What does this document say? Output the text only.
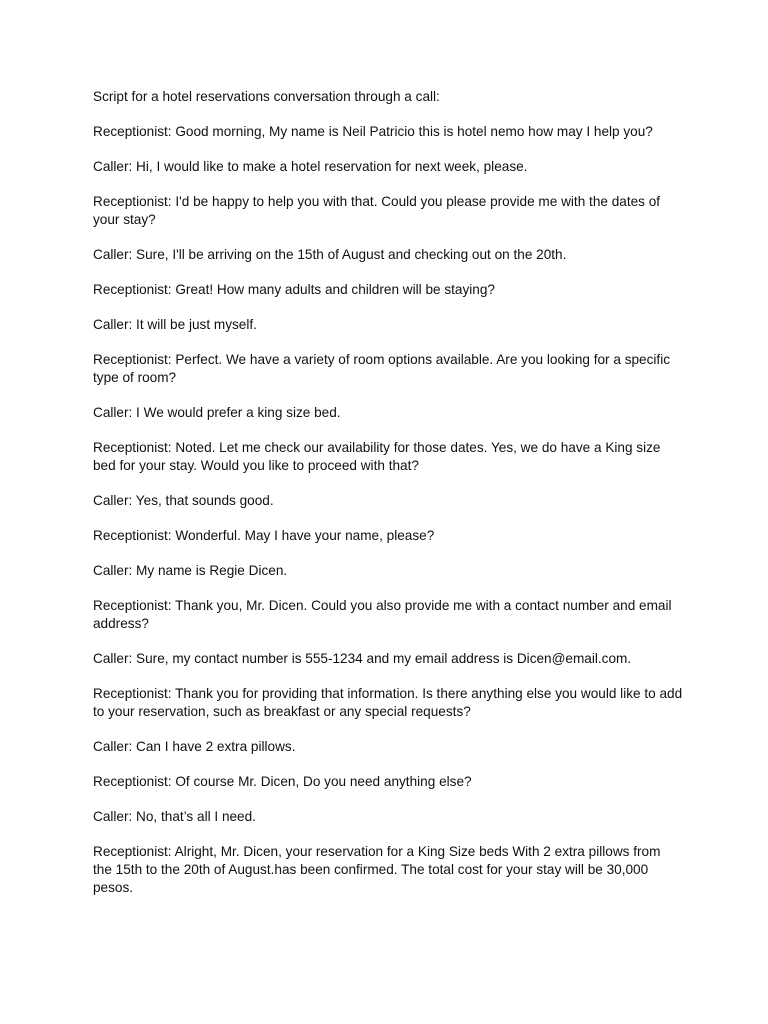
Script for a hotel reservations conversation through a call:

Receptionist: Good morning, My name is Neil Patricio this is hotel nemo how may I help you?

Caller: Hi, I would like to make a hotel reservation for next week, please.

Receptionist: I'd be happy to help you with that. Could you please provide me with the dates of your stay?

Caller: Sure, I'll be arriving on the 15th of August and checking out on the 20th.

Receptionist: Great! How many adults and children will be staying?

Caller: It will be just myself.

Receptionist: Perfect. We have a variety of room options available. Are you looking for a specific type of room?

Caller: I We would prefer a king size bed.

Receptionist: Noted. Let me check our availability for those dates. Yes, we do have a King size bed for your stay. Would you like to proceed with that?

Caller: Yes, that sounds good.

Receptionist: Wonderful. May I have your name, please?

Caller: My name is Regie Dicen.

Receptionist: Thank you, Mr. Dicen. Could you also provide me with a contact number and email address?

Caller: Sure, my contact number is 555-1234 and my email address is Dicen@email.com.

Receptionist: Thank you for providing that information. Is there anything else you would like to add to your reservation, such as breakfast or any special requests?

Caller: Can I have 2 extra pillows.

Receptionist: Of course Mr. Dicen, Do you need anything else?

Caller: No, that’s all I need.

Receptionist: Alright, Mr. Dicen, your reservation for a King Size beds With 2 extra pillows from the 15th to the 20th of August.has been confirmed. The total cost for your stay will be 30,000 pesos.
